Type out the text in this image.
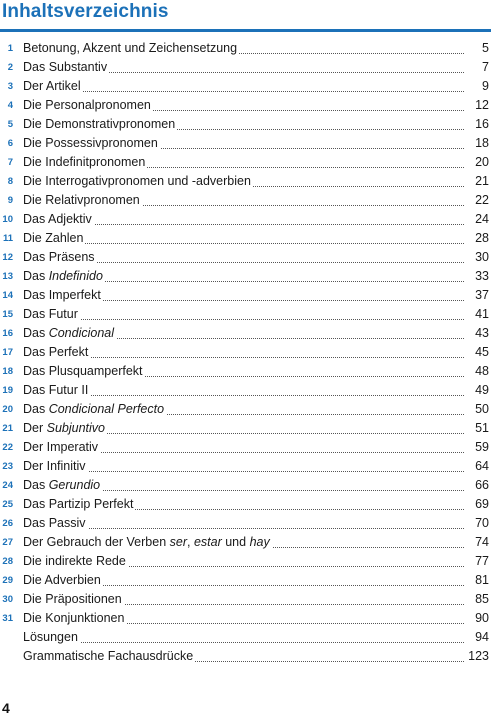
Inhaltsverzeichnis
1 Betonung, Akzent und Zeichensetzung	5
2 Das Substantiv	7
3 Der Artikel	9
4 Die Personalpronomen	12
5 Die Demonstrativpronomen	16
6 Die Possessivpronomen	18
7 Die Indefinitpronomen	20
8 Die Interrogativpronomen und -adverbien	21
9 Die Relativpronomen	22
10 Das Adjektiv	24
11 Die Zahlen	28
12 Das Präsens	30
13 Das Indefinido	33
14 Das Imperfekt	37
15 Das Futur	41
16 Das Condicional	43
17 Das Perfekt	45
18 Das Plusquamperfekt	48
19 Das Futur II	49
20 Das Condicional Perfecto	50
21 Der Subjuntivo	51
22 Der Imperativ	59
23 Der Infinitiv	64
24 Das Gerundio	66
25 Das Partizip Perfekt	69
26 Das Passiv	70
27 Der Gebrauch der Verben ser, estar und hay	74
28 Die indirekte Rede	77
29 Die Adverbien	81
30 Die Präpositionen	85
31 Die Konjunktionen	90
Lösungen	94
Grammatische Fachausdrücke	123
4
